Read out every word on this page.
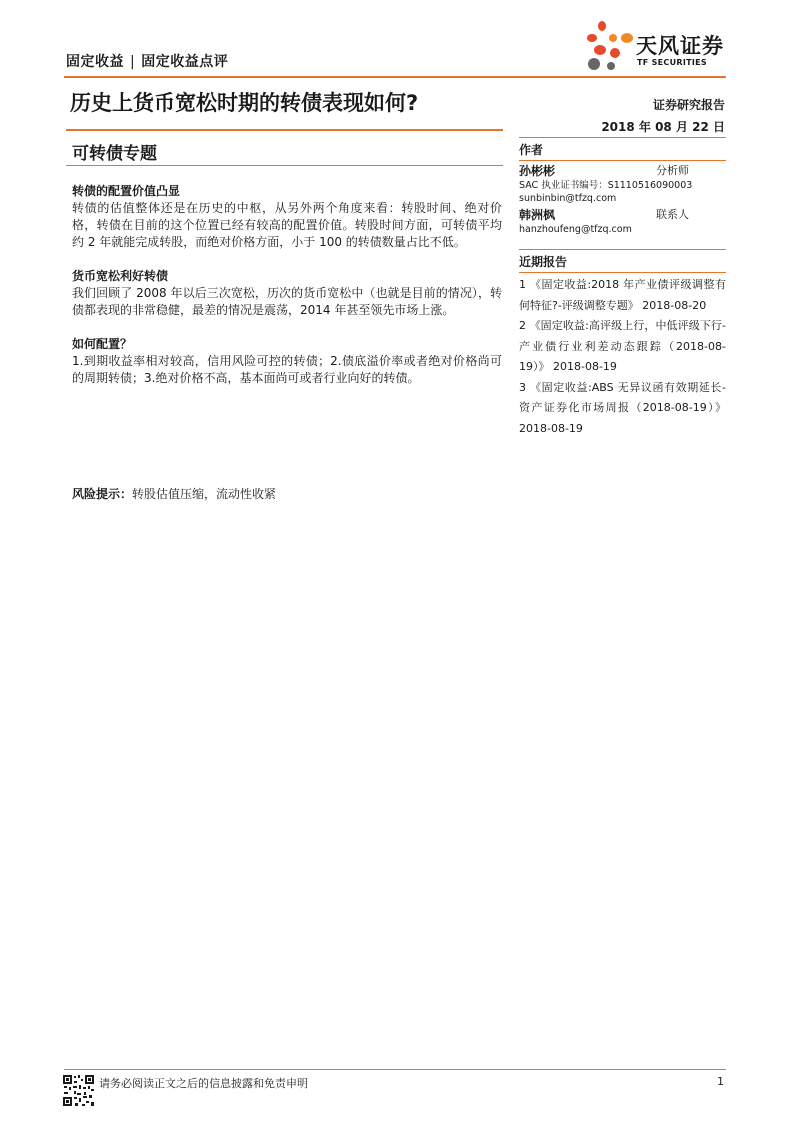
固定收益 | 固定收益点评
天风证券
TF SECURITIES
历史上货币宽松时期的转债表现如何?	证券研究报告
2018 年 08 月 22 日
可转债专题
转债的配置价值凸显

转债的估值整体还是在历史的中枢，从另外两个角度来看：转股时间、绝对价格，转债在目前的这个位置已经有较高的配置价值。转股时间方面，可转债平均约 2 年就能完成转股，而绝对价格方面，小于 100 的转债数量占比不低。

货币宽松利好转债

我们回顾了 2008 年以后三次宽松，历次的货币宽松中（也就是目前的情况），转债都表现的非常稳健，最差的情况是震荡，2014 年甚至领先市场上涨。

如何配置？

1.到期收益率相对较高，信用风险可控的转债；2.债底溢价率或者绝对价格尚可的周期转债；3.绝对价格不高，基本面尚可或者行业向好的转债。

风险提示：转股估值压缩，流动性收紧
作者
孙彬彬	分析师
SAC 执业证书编号：S1110516090003
sunbinbin@tfzq.com
韩洲枫	联系人
hanzhoufeng@tfzq.com
近期报告
1 《固定收益:2018 年产业债评级调整有何特征?-评级调整专题》 2018-08-20
2 《固定收益:高评级上行，中低评级下行-产业债行业利差动态跟踪（2018-08-19）》 2018-08-19
3 《固定收益:ABS 无异议函有效期延长-资产证券化市场周报（2018-08-19）》 2018-08-19
请务必阅读正文之后的信息披露和免责申明	1
